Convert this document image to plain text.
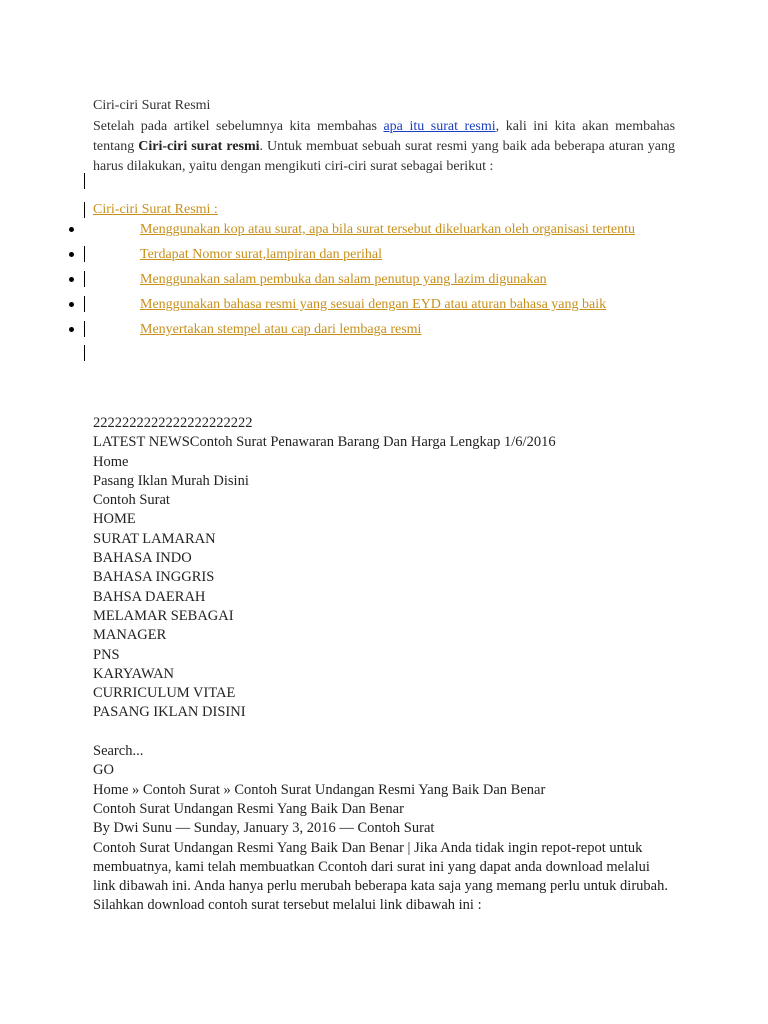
Ciri-ciri Surat Resmi
Setelah pada artikel sebelumnya kita membahas apa itu surat resmi, kali ini kita akan membahas tentang Ciri-ciri surat resmi. Untuk membuat sebuah surat resmi yang baik ada beberapa aturan yang harus dilakukan, yaitu dengan mengikuti ciri-ciri surat sebagai berikut :
Ciri-ciri Surat Resmi :
Menggunakan kop atau surat, apa bila surat tersebut dikeluarkan oleh organisasi tertentu
Terdapat Nomor surat,lampiran dan perihal
Menggunakan salam pembuka dan salam penutup yang lazim digunakan
Menggunakan bahasa resmi yang sesuai dengan EYD atau aturan bahasa yang baik
Menyertakan stempel atau cap dari lembaga resmi
2222222222222222222222
LATEST NEWSContoh Surat Penawaran Barang Dan Harga Lengkap 1/6/2016
Home
Pasang Iklan Murah Disini
Contoh Surat
HOME
SURAT LAMARAN
BAHASA INDO
BAHASA INGGRIS
BAHSA DAERAH
MELAMAR SEBAGAI
MANAGER
PNS
KARYAWAN
CURRICULUM VITAE
PASANG IKLAN DISINI
Search...
GO
Home » Contoh Surat » Contoh Surat Undangan Resmi Yang Baik Dan Benar
Contoh Surat Undangan Resmi Yang Baik Dan Benar
By Dwi Sunu — Sunday, January 3, 2016 — Contoh Surat
Contoh Surat Undangan Resmi Yang Baik Dan Benar | Jika Anda tidak ingin repot-repot untuk membuatnya, kami telah membuatkan Ccontoh dari surat ini yang dapat anda download melalui link dibawah ini. Anda hanya perlu merubah beberapa kata saja yang memang perlu untuk dirubah. Silahkan download contoh surat tersebut melalui link dibawah ini :
